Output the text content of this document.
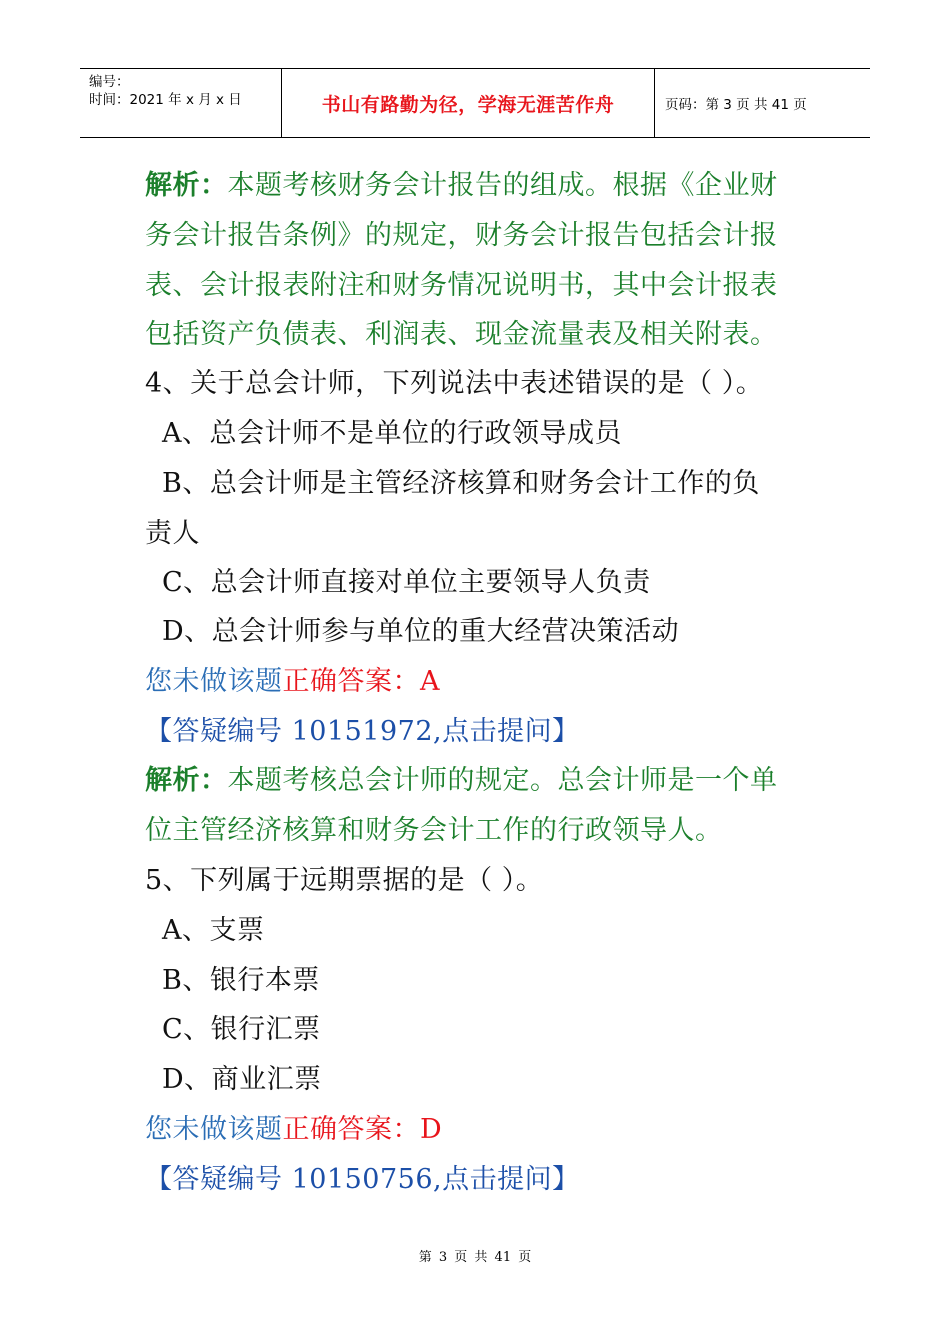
编号：
时间：2021 年 x 月 x 日	书山有路勤为径，学海无涯苦作舟	页码：第 3 页 共 41 页
解析：本题考核财务会计报告的组成。根据《企业财
务会计报告条例》的规定，财务会计报告包括会计报
表、会计报表附注和财务情况说明书，其中会计报表
包括资产负债表、利润表、现金流量表及相关附表。
4、关于总会计师，下列说法中表述错误的是（ ）。
A、总会计师不是单位的行政领导成员
B、总会计师是主管经济核算和财务会计工作的负
责人
C、总会计师直接对单位主要领导人负责
D、总会计师参与单位的重大经营决策活动
您未做该题正确答案：A
【答疑编号 10151972,点击提问】
解析：本题考核总会计师的规定。总会计师是一个单
位主管经济核算和财务会计工作的行政领导人。
5、下列属于远期票据的是（ ）。
A、支票
B、银行本票
C、银行汇票
D、商业汇票
您未做该题正确答案：D
【答疑编号 10150756,点击提问】
第 3 页 共 41 页
